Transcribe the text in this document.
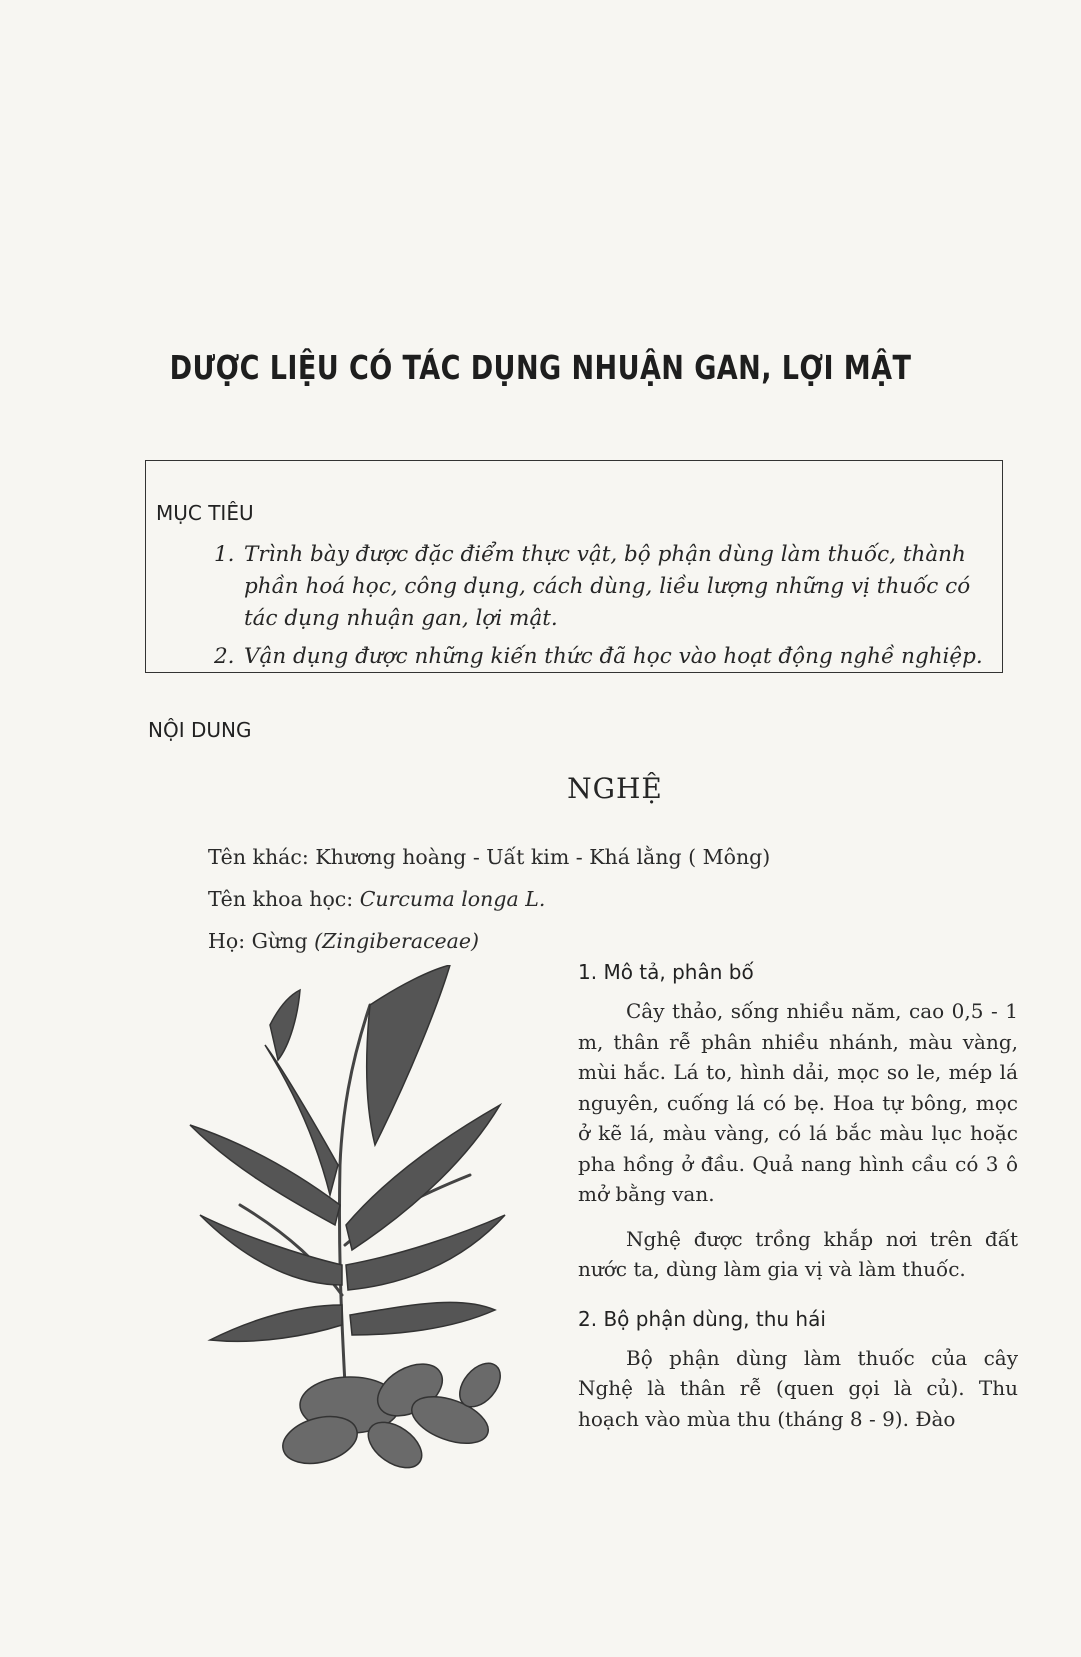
DƯỢC LIỆU CÓ TÁC DỤNG NHUẬN GAN, LỢI MẬT
MỤC TIÊU
1. Trình bày được đặc điểm thực vật, bộ phận dùng làm thuốc, thành phần hoá học, công dụng, cách dùng, liều lượng những vị thuốc có tác dụng nhuận gan, lợi mật.
2. Vận dụng được những kiến thức đã học vào hoạt động nghề nghiệp.
NỘI DUNG
NGHỆ
Tên khác: Khương hoàng - Uất kim - Khá lằng ( Mông)
Tên khoa học: Curcuma longa L.
Họ: Gừng (Zingiberaceae)
1. Mô tả, phân bố

Cây thảo, sống nhiều năm, cao 0,5 - 1 m, thân rễ phân nhiều nhánh, màu vàng, mùi hắc. Lá to, hình dải, mọc so le, mép lá nguyên, cuống lá có bẹ. Hoa tự bông, mọc ở kẽ lá, màu vàng, có lá bắc màu lục hoặc pha hồng ở đầu. Quả nang hình cầu có 3 ô mở bằng van.

Nghệ được trồng khắp nơi trên đất nước ta, dùng làm gia vị và làm thuốc.

2. Bộ phận dùng, thu hái

Bộ phận dùng làm thuốc của cây Nghệ là thân rễ (quen gọi là củ). Thu hoạch vào mùa thu (tháng 8 - 9). Đào
